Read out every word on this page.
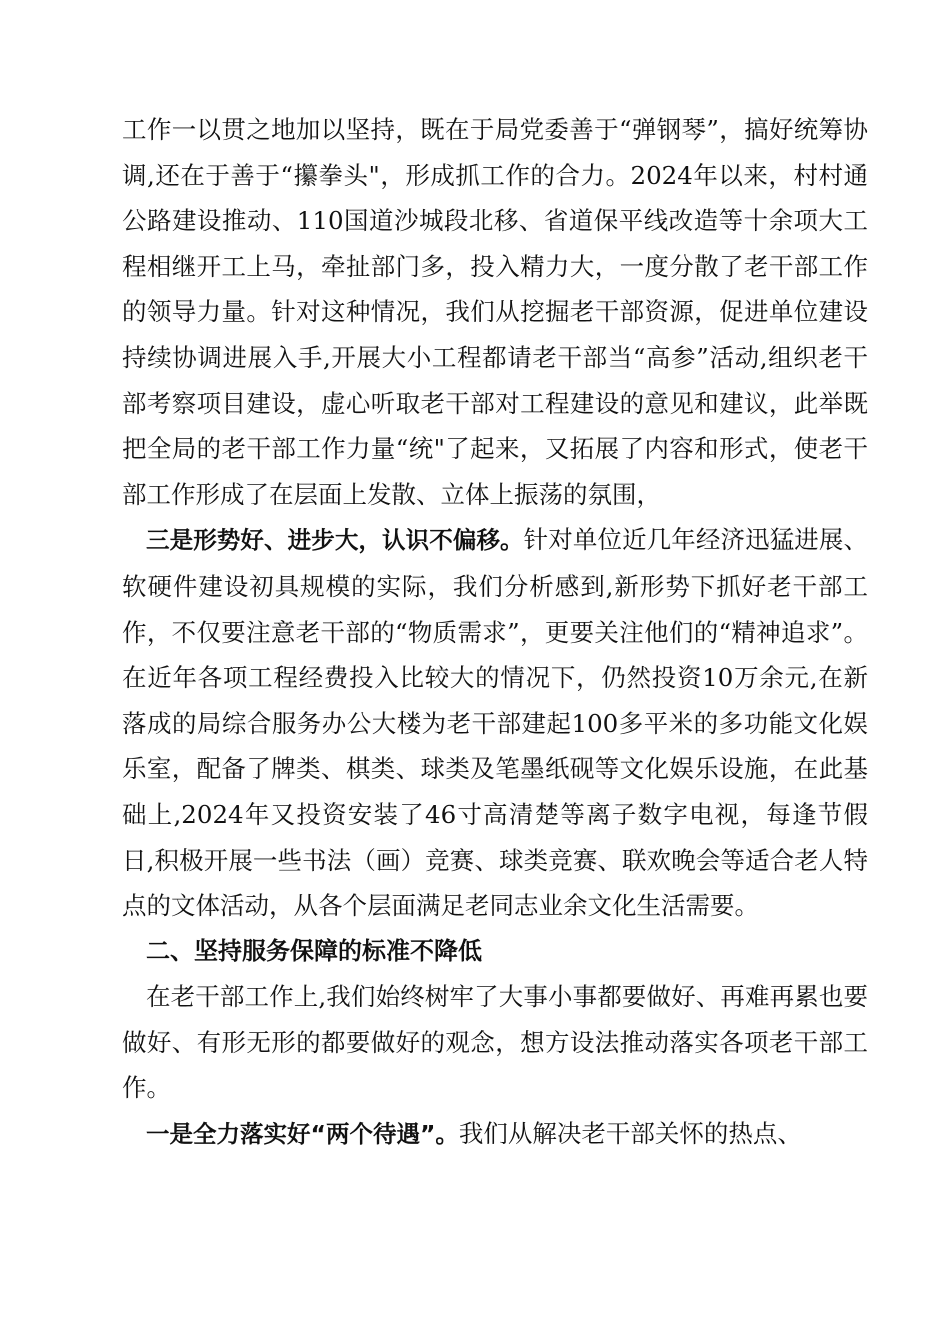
工作一以贯之地加以坚持，既在于局党委善于“弹钢琴”，搞好统筹协调,还在于善于“攥拳头"，形成抓工作的合力。2024年以来，村村通公路建设推动、110国道沙城段北移、省道保平线改造等十余项大工程相继开工上马，牵扯部门多，投入精力大，一度分散了老干部工作的领导力量。针对这种情况，我们从挖掘老干部资源，促进单位建设持续协调进展入手,开展大小工程都请老干部当“高参”活动,组织老干部考察项目建设，虚心听取老干部对工程建设的意见和建议，此举既把全局的老干部工作力量“统"了起来，又拓展了内容和形式，使老干部工作形成了在层面上发散、立体上振荡的氛围，

三是形势好、进步大，认识不偏移。针对单位近几年经济迅猛进展、软硬件建设初具规模的实际，我们分析感到,新形势下抓好老干部工作，不仅要注意老干部的“物质需求”，更要关注他们的“精神追求”。在近年各项工程经费投入比较大的情况下，仍然投资10万余元,在新落成的局综合服务办公大楼为老干部建起100多平米的多功能文化娱乐室，配备了牌类、棋类、球类及笔墨纸砚等文化娱乐设施，在此基础上,2024年又投资安装了46寸高清楚等离子数字电视，每逢节假日,积极开展一些书法（画）竞赛、球类竞赛、联欢晚会等适合老人特点的文体活动，从各个层面满足老同志业余文化生活需要。

二、坚持服务保障的标准不降低

在老干部工作上,我们始终树牢了大事小事都要做好、再难再累也要做好、有形无形的都要做好的观念，想方设法推动落实各项老干部工作。

一是全力落实好“两个待遇”。我们从解决老干部关怀的热点、
